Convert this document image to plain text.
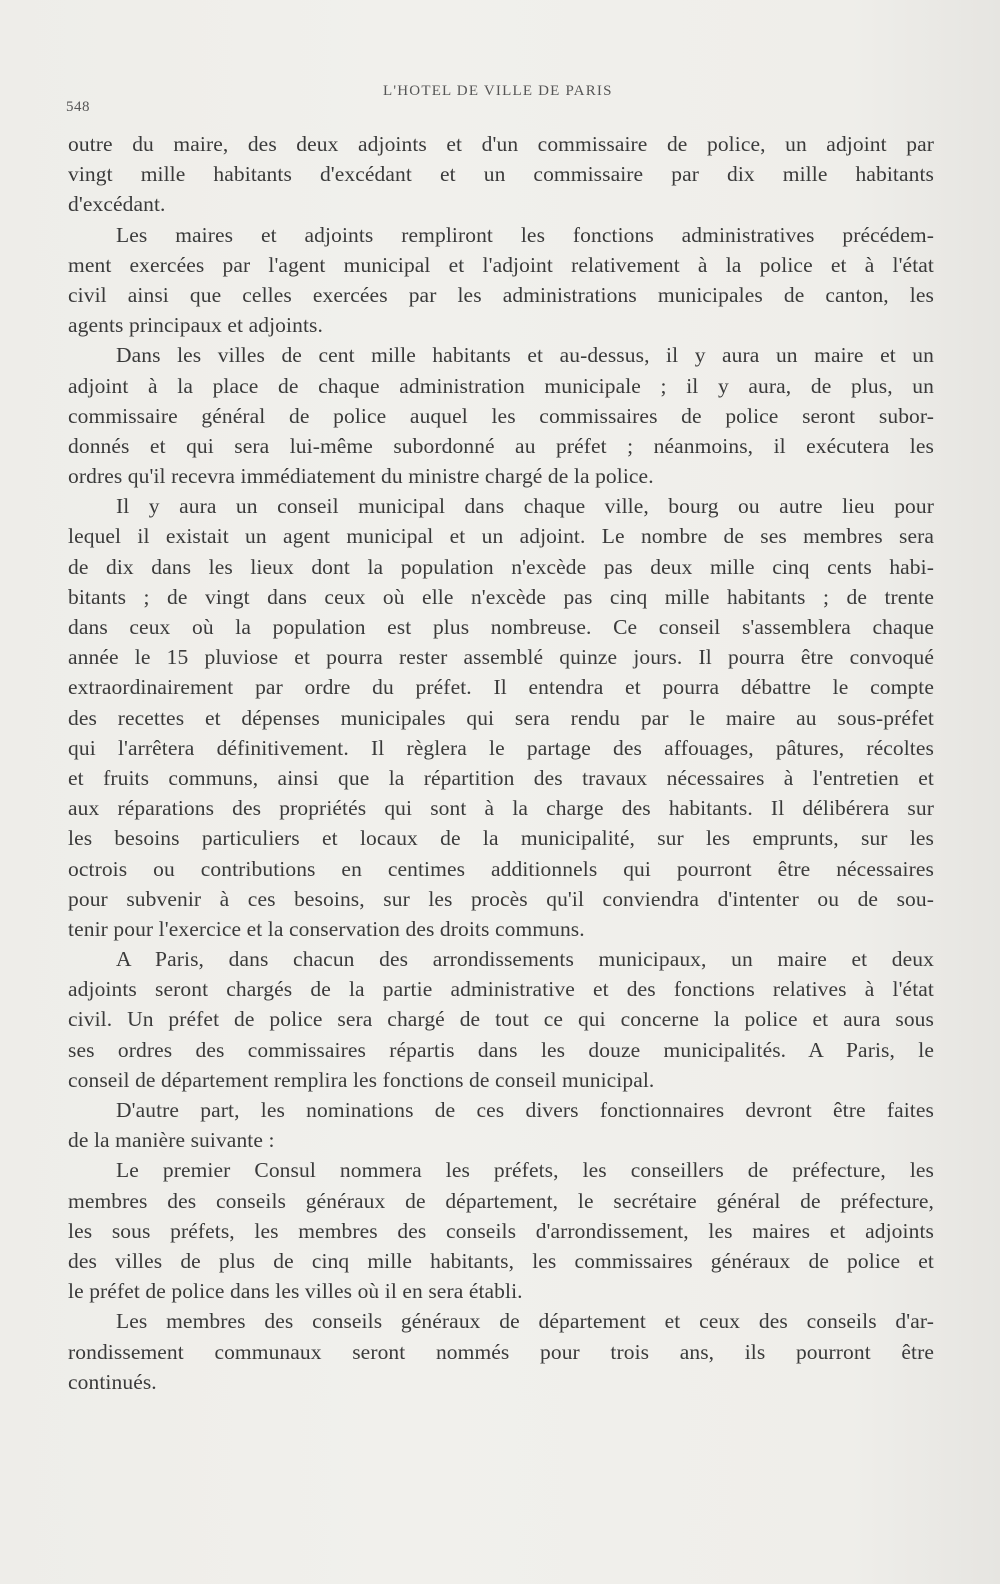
548
L'HOTEL DE VILLE DE PARIS
outre du maire, des deux adjoints et d'un commissaire de police, un adjoint par
vingt mille habitants d'excédant et un commissaire par dix mille habitants
d'excédant.
Les maires et adjoints rempliront les fonctions administratives précédem-
ment exercées par l'agent municipal et l'adjoint relativement à la police et à l'état
civil ainsi que celles exercées par les administrations municipales de canton, les
agents principaux et adjoints.
Dans les villes de cent mille habitants et au-dessus, il y aura un maire et un
adjoint à la place de chaque administration municipale ; il y aura, de plus, un
commissaire général de police auquel les commissaires de police seront subor-
donnés et qui sera lui-même subordonné au préfet ; néanmoins, il exécutera les
ordres qu'il recevra immédiatement du ministre chargé de la police.
Il y aura un conseil municipal dans chaque ville, bourg ou autre lieu pour
lequel il existait un agent municipal et un adjoint. Le nombre de ses membres sera
de dix dans les lieux dont la population n'excède pas deux mille cinq cents habi-
bitants ; de vingt dans ceux où elle n'excède pas cinq mille habitants ; de trente
dans ceux où la population est plus nombreuse. Ce conseil s'assemblera chaque
année le 15 pluviose et pourra rester assemblé quinze jours. Il pourra être convoqué
extraordinairement par ordre du préfet. Il entendra et pourra débattre le compte
des recettes et dépenses municipales qui sera rendu par le maire au sous-préfet
qui l'arrêtera définitivement. Il règlera le partage des affouages, pâtures, récoltes
et fruits communs, ainsi que la répartition des travaux nécessaires à l'entretien et
aux réparations des propriétés qui sont à la charge des habitants. Il délibérera sur
les besoins particuliers et locaux de la municipalité, sur les emprunts, sur les
octrois ou contributions en centimes additionnels qui pourront être nécessaires
pour subvenir à ces besoins, sur les procès qu'il conviendra d'intenter ou de sou-
tenir pour l'exercice et la conservation des droits communs.
A Paris, dans chacun des arrondissements municipaux, un maire et deux
adjoints seront chargés de la partie administrative et des fonctions relatives à l'état
civil. Un préfet de police sera chargé de tout ce qui concerne la police et aura sous
ses ordres des commissaires répartis dans les douze municipalités. A Paris, le
conseil de département remplira les fonctions de conseil municipal.
D'autre part, les nominations de ces divers fonctionnaires devront être faites
de la manière suivante :
Le premier Consul nommera les préfets, les conseillers de préfecture, les
membres des conseils généraux de département, le secrétaire général de préfecture,
les sous préfets, les membres des conseils d'arrondissement, les maires et adjoints
des villes de plus de cinq mille habitants, les commissaires généraux de police et
le préfet de police dans les villes où il en sera établi.
Les membres des conseils généraux de département et ceux des conseils d'ar-
rondissement communaux seront nommés pour trois ans, ils pourront être
continués.
